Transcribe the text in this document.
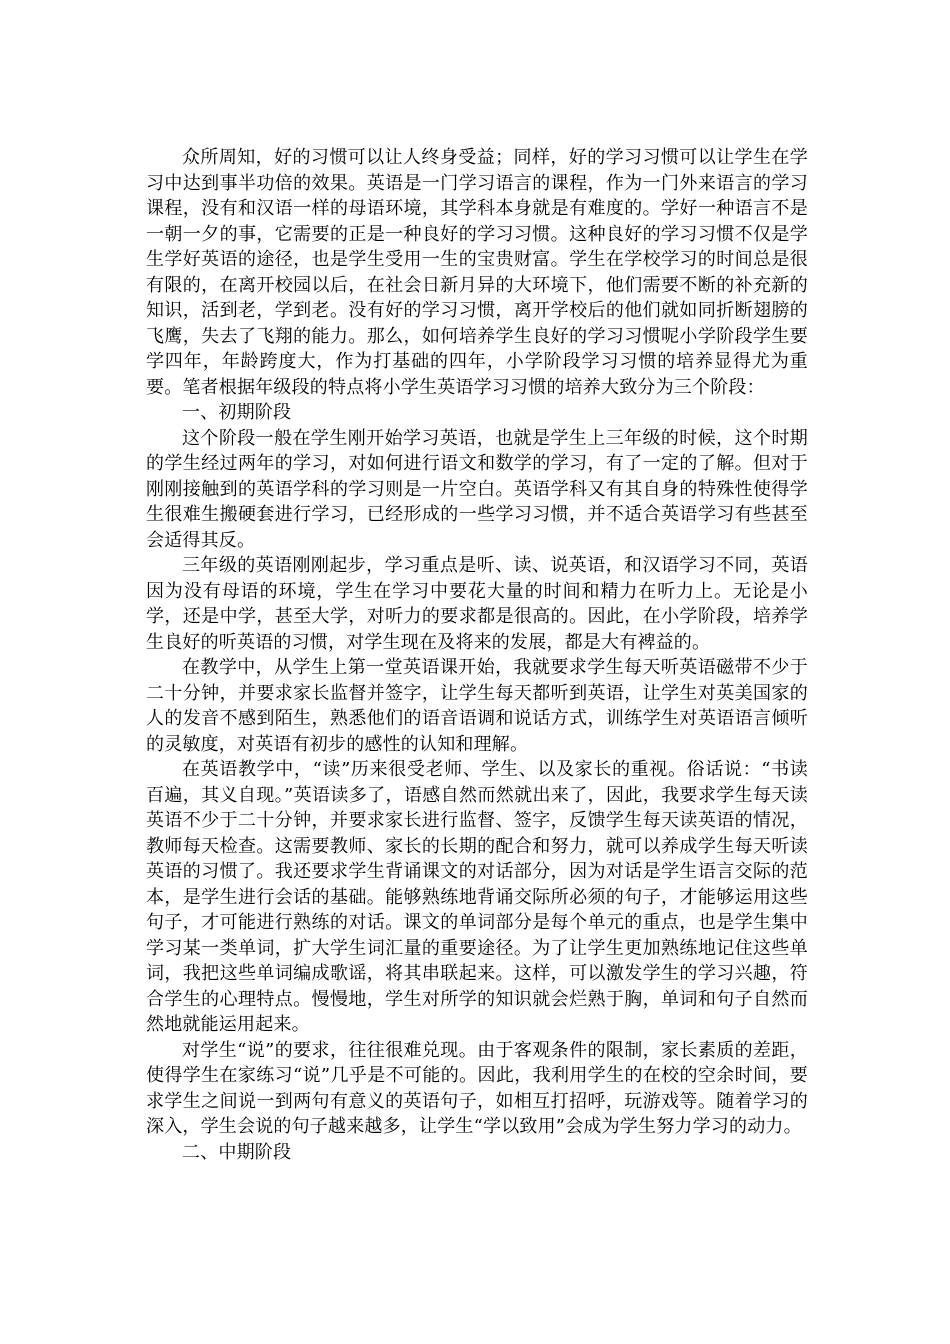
众所周知，好的习惯可以让人终身受益；同样，好的学习习惯可以让学生在学习中达到事半功倍的效果。英语是一门学习语言的课程，作为一门外来语言的学习课程，没有和汉语一样的母语环境，其学科本身就是有难度的。学好一种语言不是一朝一夕的事，它需要的正是一种良好的学习习惯。这种良好的学习习惯不仅是学生学好英语的途径，也是学生受用一生的宝贵财富。学生在学校学习的时间总是很有限的，在离开校园以后，在社会日新月异的大环境下，他们需要不断的补充新的知识，活到老，学到老。没有好的学习习惯，离开学校后的他们就如同折断翅膀的飞鹰，失去了飞翔的能力。那么，如何培养学生良好的学习习惯呢小学阶段学生要学四年，年龄跨度大，作为打基础的四年，小学阶段学习习惯的培养显得尤为重要。笔者根据年级段的特点将小学生英语学习习惯的培养大致分为三个阶段：

一、初期阶段

这个阶段一般在学生刚开始学习英语，也就是学生上三年级的时候，这个时期的学生经过两年的学习，对如何进行语文和数学的学习，有了一定的了解。但对于刚刚接触到的英语学科的学习则是一片空白。英语学科又有其自身的特殊性使得学生很难生搬硬套进行学习，已经形成的一些学习习惯，并不适合英语学习有些甚至会适得其反。

三年级的英语刚刚起步，学习重点是听、读、说英语，和汉语学习不同，英语因为没有母语的环境，学生在学习中要花大量的时间和精力在听力上。无论是小学，还是中学，甚至大学，对听力的要求都是很高的。因此，在小学阶段，培养学生良好的听英语的习惯，对学生现在及将来的发展，都是大有裨益的。

在教学中，从学生上第一堂英语课开始，我就要求学生每天听英语磁带不少于二十分钟，并要求家长监督并签字，让学生每天都听到英语，让学生对英美国家的人的发音不感到陌生，熟悉他们的语音语调和说话方式，训练学生对英语语言倾听的灵敏度，对英语有初步的感性的认知和理解。

在英语教学中，“读”历来很受老师、学生、以及家长的重视。俗话说：“书读百遍，其义自现。”英语读多了，语感自然而然就出来了，因此，我要求学生每天读英语不少于二十分钟，并要求家长进行监督、签字，反馈学生每天读英语的情况，教师每天检查。这需要教师、家长的长期的配合和努力，就可以养成学生每天听读英语的习惯了。我还要求学生背诵课文的对话部分，因为对话是学生语言交际的范本，是学生进行会话的基础。能够熟练地背诵交际所必须的句子，才能够运用这些句子，才可能进行熟练的对话。课文的单词部分是每个单元的重点，也是学生集中学习某一类单词，扩大学生词汇量的重要途径。为了让学生更加熟练地记住这些单词，我把这些单词编成歌谣，将其串联起来。这样，可以激发学生的学习兴趣，符合学生的心理特点。慢慢地，学生对所学的知识就会烂熟于胸，单词和句子自然而然地就能运用起来。

对学生“说”的要求，往往很难兑现。由于客观条件的限制，家长素质的差距，使得学生在家练习“说”几乎是不可能的。因此，我利用学生的在校的空余时间，要求学生之间说一到两句有意义的英语句子，如相互打招呼，玩游戏等。随着学习的深入，学生会说的句子越来越多，让学生“学以致用”会成为学生努力学习的动力。

二、中期阶段
